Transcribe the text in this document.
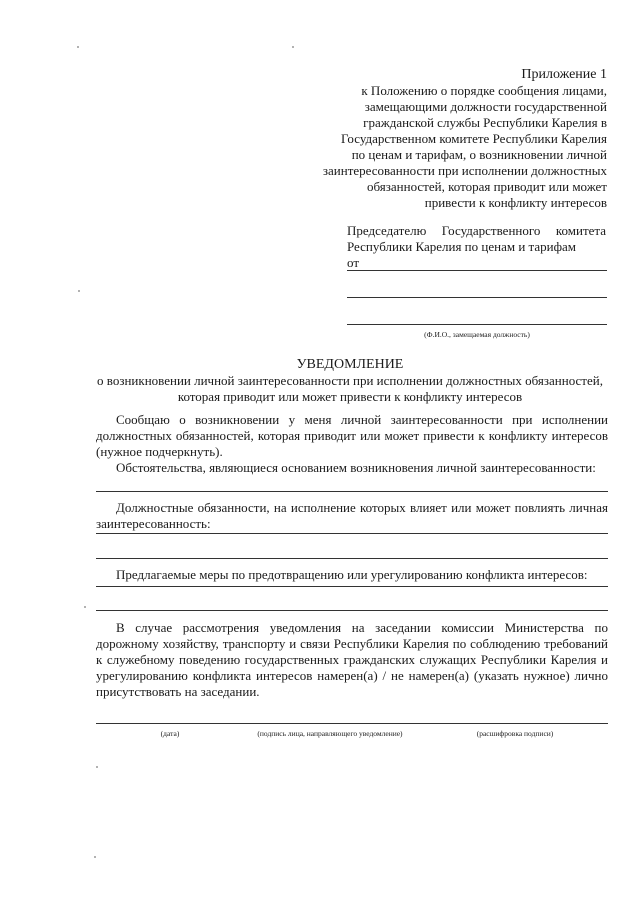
Приложение 1
к Положению о порядке сообщения лицами,
замещающими должности государственной
гражданской службы Республики Карелия в
Государственном комитете Республики Карелия
по ценам и тарифам, о возникновении личной
заинтересованности при исполнении должностных
обязанностей, которая приводит или может
привести к конфликту интересов
Председателю Государственного комитета
Республики Карелия по ценам и тарифам
от
(Ф.И.О., замещаемая должность)
УВЕДОМЛЕНИЕ
о возникновении личной заинтересованности при исполнении должностных обязанностей,
которая приводит или может привести к конфликту интересов
Сообщаю о возникновении у меня личной заинтересованности при исполнении должностных обязанностей, которая приводит или может привести к конфликту интересов (нужное подчеркнуть).
Обстоятельства, являющиеся основанием возникновения личной заинтересованности:
Должностные обязанности, на исполнение которых влияет или может повлиять личная заинтересованность:
Предлагаемые меры по предотвращению или урегулированию конфликта интересов:
В случае рассмотрения уведомления на заседании комиссии Министерства по дорожному хозяйству, транспорту и связи Республики Карелия по соблюдению требований к служебному поведению государственных гражданских служащих Республики Карелия и урегулированию конфликта интересов намерен(а) / не намерен(а) (указать нужное) лично присутствовать на заседании.
(дата)	(подпись лица, направляющего уведомление)	(расшифровка подписи)
